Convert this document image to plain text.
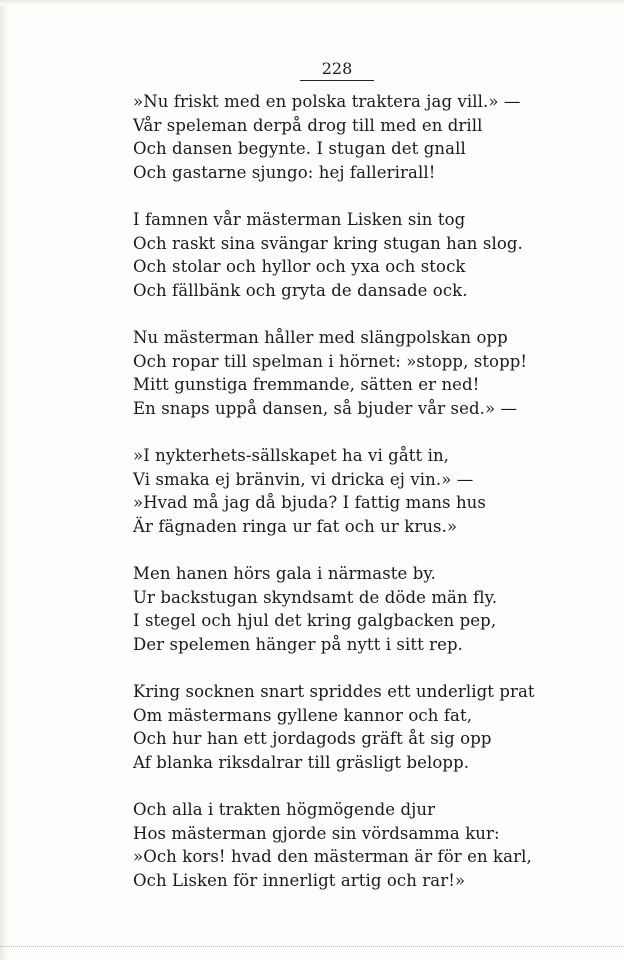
228
»Nu friskt med en polska traktera jag vill.» —
Vår speleman derpå drog till med en drill
Och dansen begynte. I stugan det gnall
Och gastarne sjungo: hej fallerirall!
I famnen vår mästerman Lisken sin tog
Och raskt sina svängar kring stugan han slog.
Och stolar och hyllor och yxa och stock
Och fällbänk och gryta de dansade ock.
Nu mästerman håller med slängpolskan opp
Och ropar till spelman i hörnet: »stopp, stopp!
Mitt gunstiga fremmande, sätten er ned!
En snaps uppå dansen, så bjuder vår sed.» —
»I nykterhets-sällskapet ha vi gått in,
Vi smaka ej bränvin, vi dricka ej vin.» —
»Hvad må jag då bjuda? I fattig mans hus
Är fägnaden ringa ur fat och ur krus.»
Men hanen hörs gala i närmaste by.
Ur backstugan skyndsamt de döde män fly.
I stegel och hjul det kring galgbacken pep,
Der spelemen hänger på nytt i sitt rep.
Kring socknen snart spriddes ett underligt prat
Om mästermans gyllene kannor och fat,
Och hur han ett jordagods gräft åt sig opp
Af blanka riksdalrar till gräsligt belopp.
Och alla i trakten högmögende djur
Hos mästerman gjorde sin vördsamma kur:
»Och kors! hvad den mästerman är för en karl,
Och Lisken för innerligt artig och rar!»
